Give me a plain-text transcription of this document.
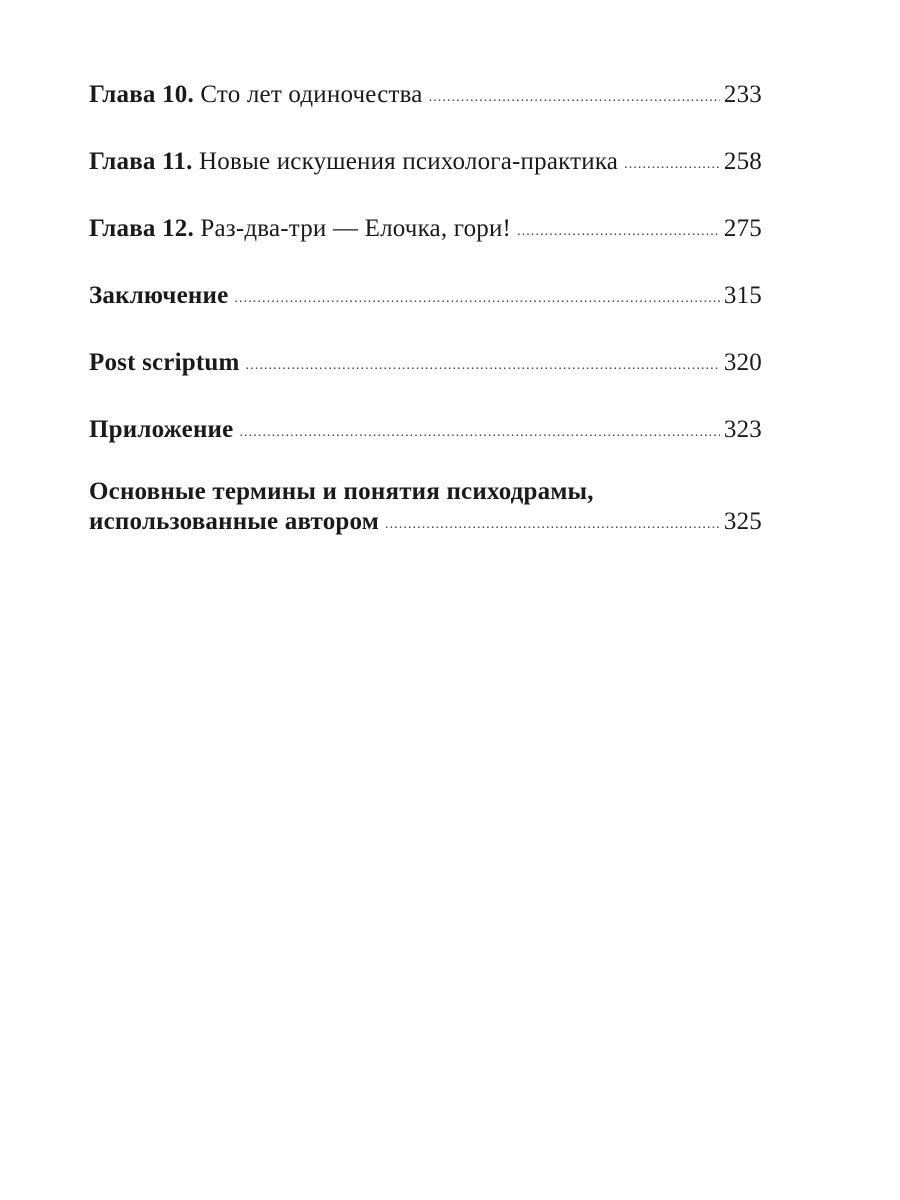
Глава 10. Сто лет одиночества .....	233
Глава 11. Новые искушения психолога-практика .....	258
Глава 12. Раз-два-три — Елочка, гори! .....	275
Заключение .....	315
Post scriptum .....	320
Приложение .....	323
Основные термины и понятия психодрамы,
использованные автором .....	325
